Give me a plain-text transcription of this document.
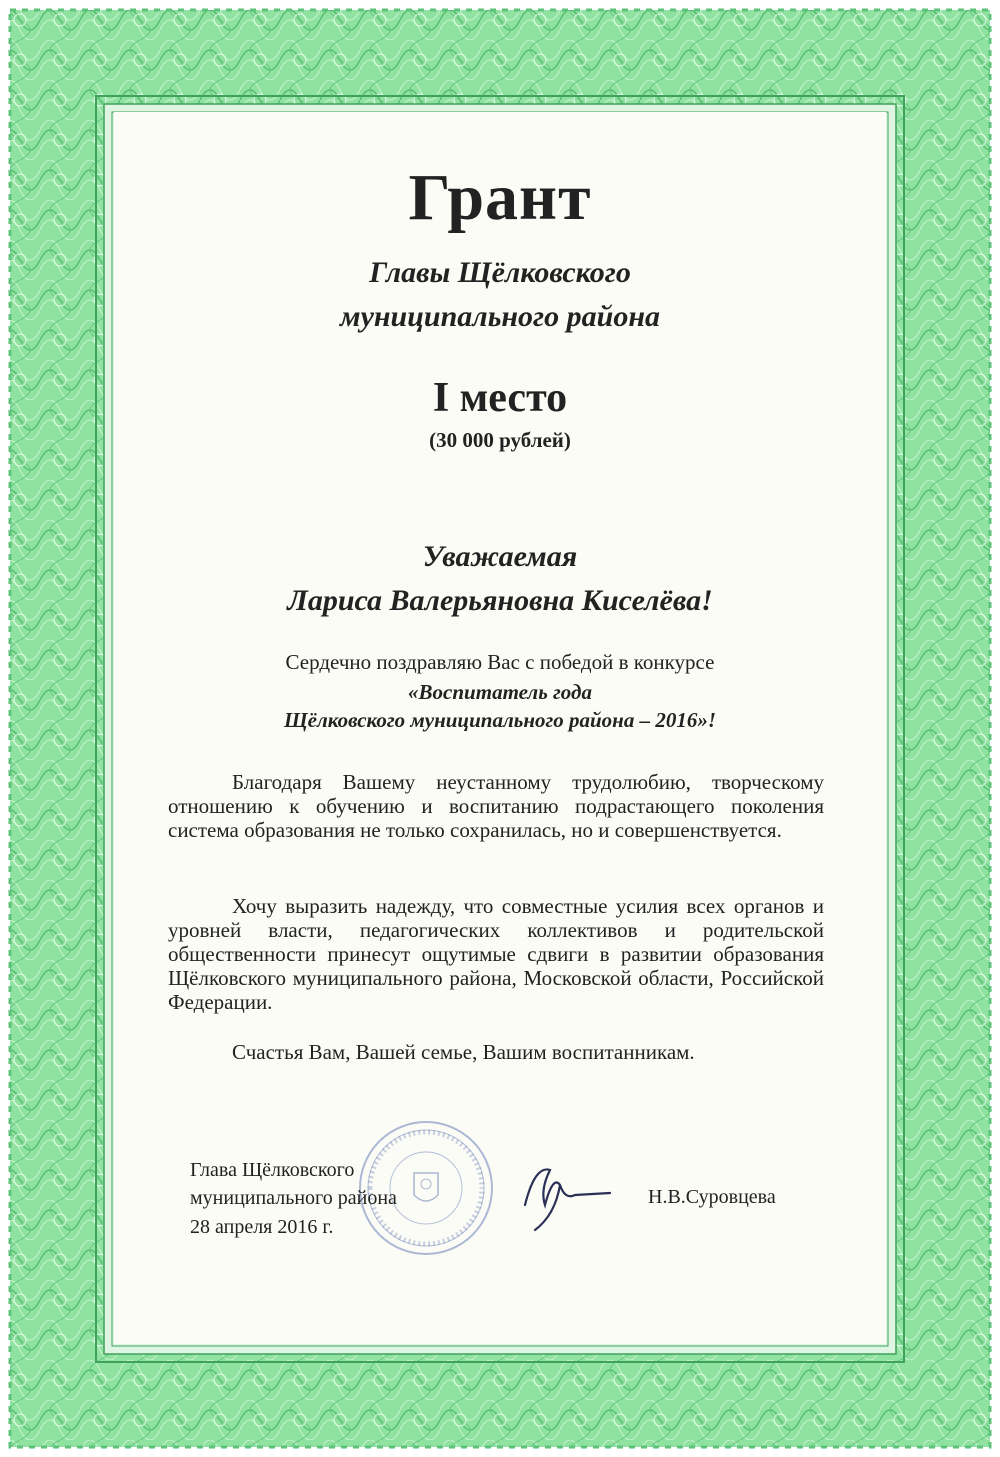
Грант
Главы Щёлковского
муниципального района
I место
(30 000 рублей)
Уважаемая
Лариса Валерьяновна Киселёва!
Сердечно поздравляю Вас с победой в конкурсе
«Воспитатель года
Щёлковского муниципального района – 2016»!
Благодаря Вашему неустанному трудолюбию, творческому отношению к обучению и воспитанию подрастающего поколения система образования не только сохранилась, но и совершенствуется.
Хочу выразить надежду, что совместные усилия всех органов и уровней власти, педагогических коллективов и родительской общественности принесут ощутимые сдвиги в развитии образования Щёлковского муниципального района, Московской области, Российской Федерации.
Счастья Вам, Вашей семье, Вашим воспитанникам.
Глава Щёлковского
муниципального района
28 апреля 2016 г.
Н.В.Суровцева
